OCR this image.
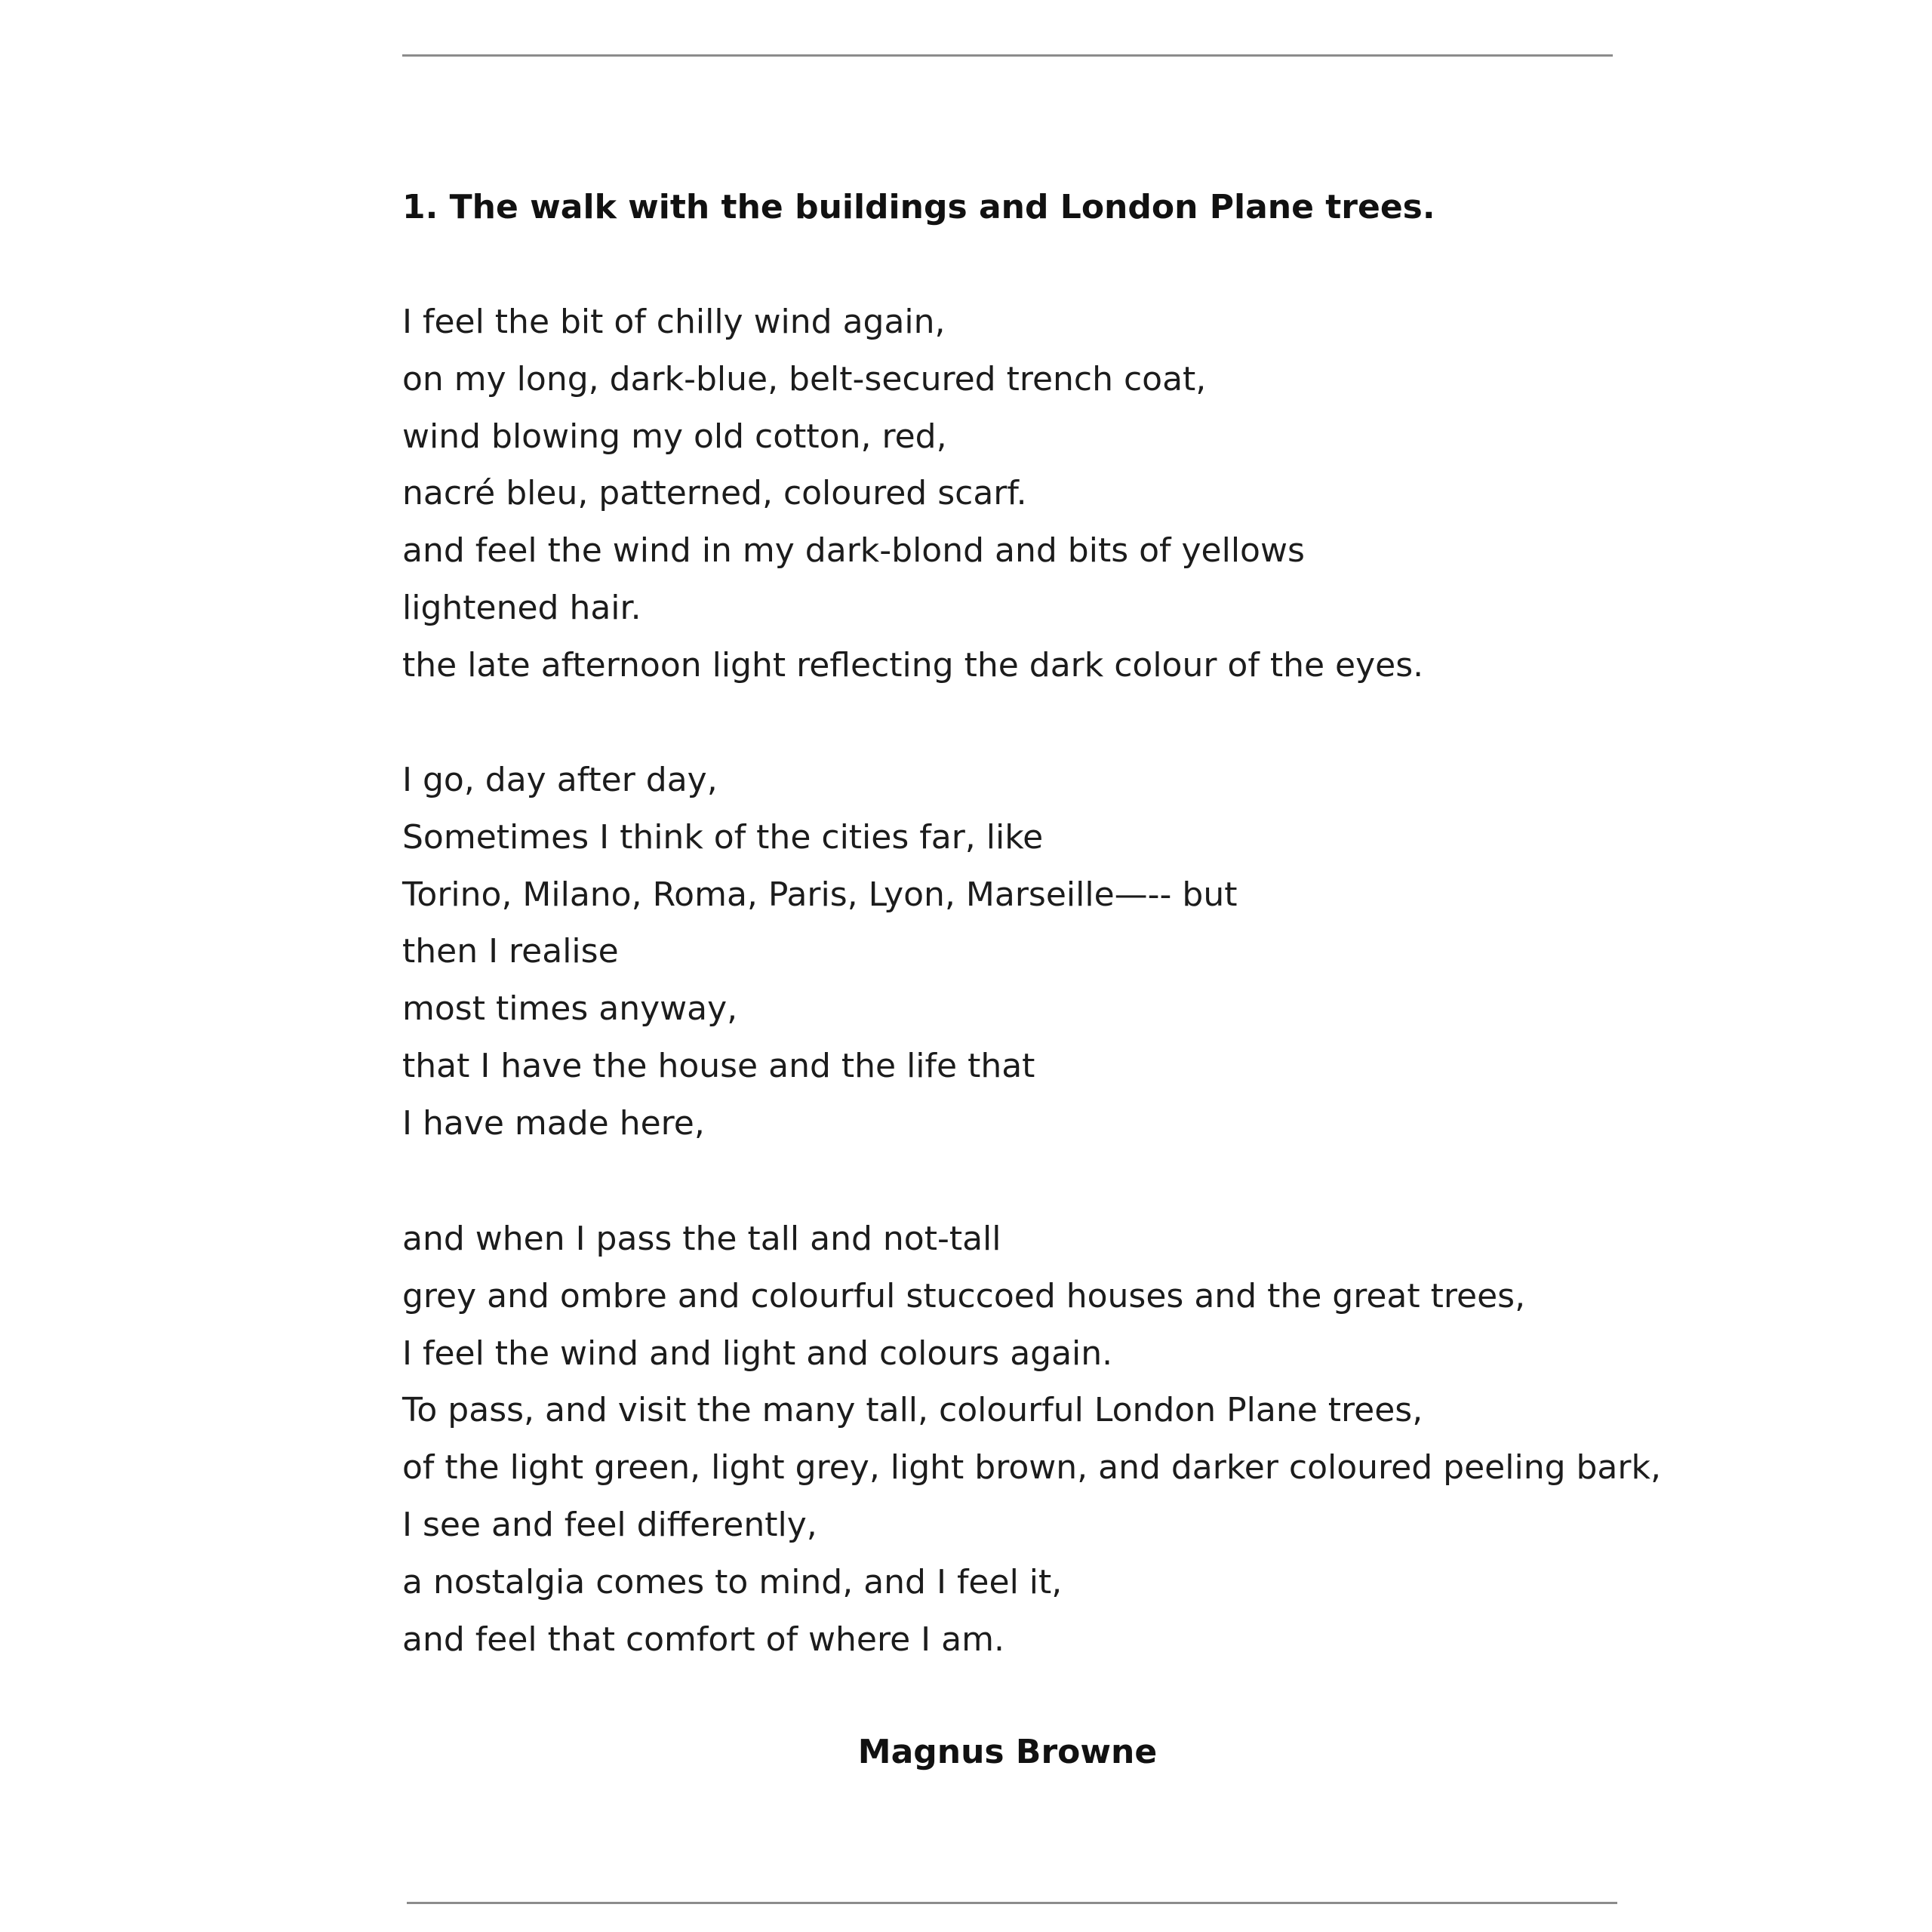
1. The walk with the buildings and London Plane trees.
I feel the bit of chilly wind again,
on my long, dark-blue, belt-secured trench coat,
wind blowing my old cotton, red,
nacré bleu, patterned, coloured scarf.
and feel the wind in my dark-blond and bits of yellows
lightened hair.
the late afternoon light reflecting the dark colour of the eyes.
I go, day after day,
Sometimes I think of the cities far, like
Torino, Milano, Roma, Paris, Lyon, Marseille—-- but
then I realise
most times anyway,
that I have the house and the life that
I have made here,
and when I pass the tall and not-tall
grey and ombre and colourful stuccoed houses and the great trees,
I feel the wind and light and colours again.
To pass, and visit the many tall, colourful London Plane trees,
of the light green, light grey, light brown, and darker coloured peeling bark,
I see and feel differently,
a nostalgia comes to mind, and I feel it,
and feel that comfort of where I am.

Magnus Browne
